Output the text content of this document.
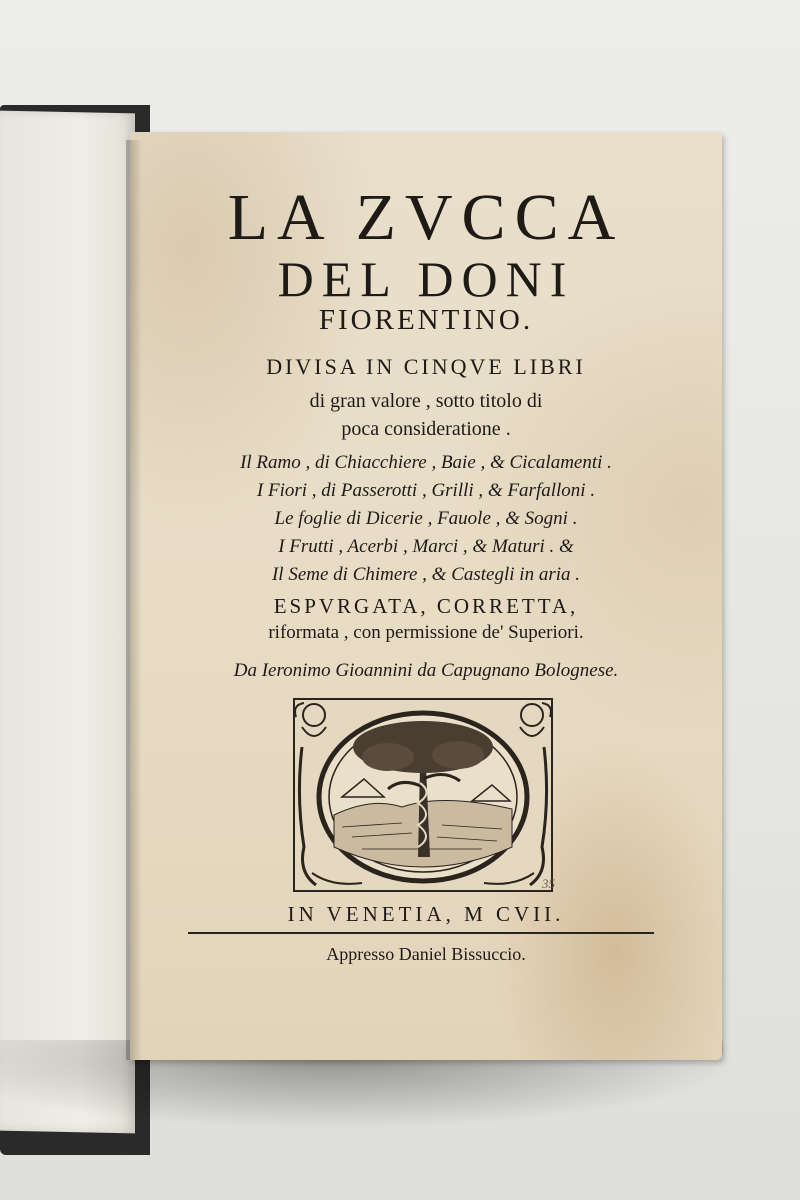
LA ZVCCA
DEL DONI
FIORENTINO.
DIVISA IN CINQVE LIBRI
di gran valore , sotto titolo di
poca consideratione .
Il Ramo , di Chiacchiere , Baie , & Cicalamenti .
I Fiori , di Passerotti , Grilli , & Farfalloni .
Le foglie di Dicerie , Fauole , & Sogni .
I Frutti , Acerbi , Marci , & Maturi . &
Il Seme di Chimere , & Castegli in aria .
ESPVRGATA, CORRETTA,
riformata , con permissione de' Superiori.
Da Ieronimo Gioannini da Capugnano Bolognese.
35
IN VENETIA, M CVII.
Appresso Daniel Bissuccio.
